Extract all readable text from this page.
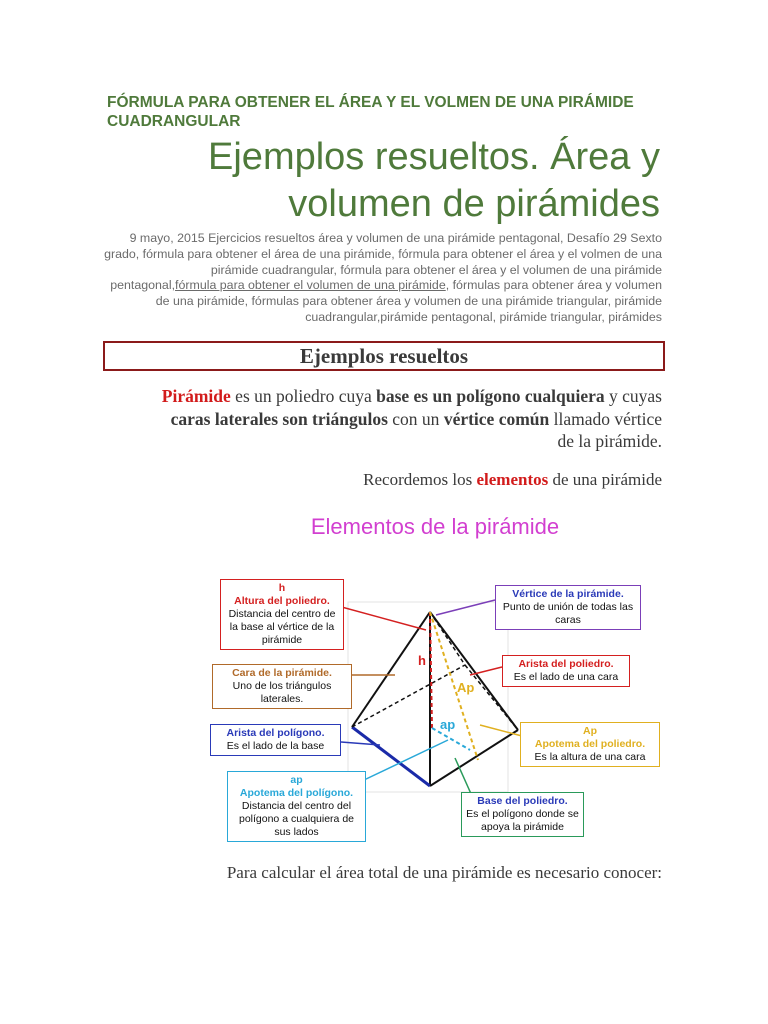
FÓRMULA PARA OBTENER EL ÁREA Y EL VOLMEN DE UNA PIRÁMIDE CUADRANGULAR
Ejemplos resueltos. Área y volumen de pirámides
9 mayo, 2015 Ejercicios resueltos área y volumen de una pirámide pentagonal, Desafío 29 Sexto grado, fórmula para obtener el área de una pirámide, fórmula para obtener el área y el volmen de una pirámide cuadrangular, fórmula para obtener el área y el volumen de una pirámide pentagonal,fórmula para obtener el volumen de una pirámide, fórmulas para obtener área y volumen de una pirámide, fórmulas para obtener área y volumen de una pirámide triangular, pirámide cuadrangular,pirámide pentagonal, pirámide triangular, pirámides
Ejemplos resueltos
Pirámide es un poliedro cuya base es un polígono cualquiera y cuyas caras laterales son triángulos con un vértice común llamado vértice de la pirámide.
Recordemos los elementos de una pirámide
Elementos de la pirámide
h
Ap
ap
h
Altura del poliedro.
Distancia del centro de la base al vértice de la pirámide
Cara de la pirámide.
Uno de los triángulos laterales.
Arista del polígono.
Es el lado de la base
ap
Apotema del polígono.
Distancia del centro del polígono a cualquiera de sus lados
Vértice de la pirámide.
Punto de unión de todas las caras
Arista del poliedro.
Es el lado de una cara
Ap
Apotema del poliedro.
Es la altura de una cara
Base del poliedro.
Es el polígono donde se apoya la pirámide
Para calcular el área total de una pirámide es necesario conocer:
